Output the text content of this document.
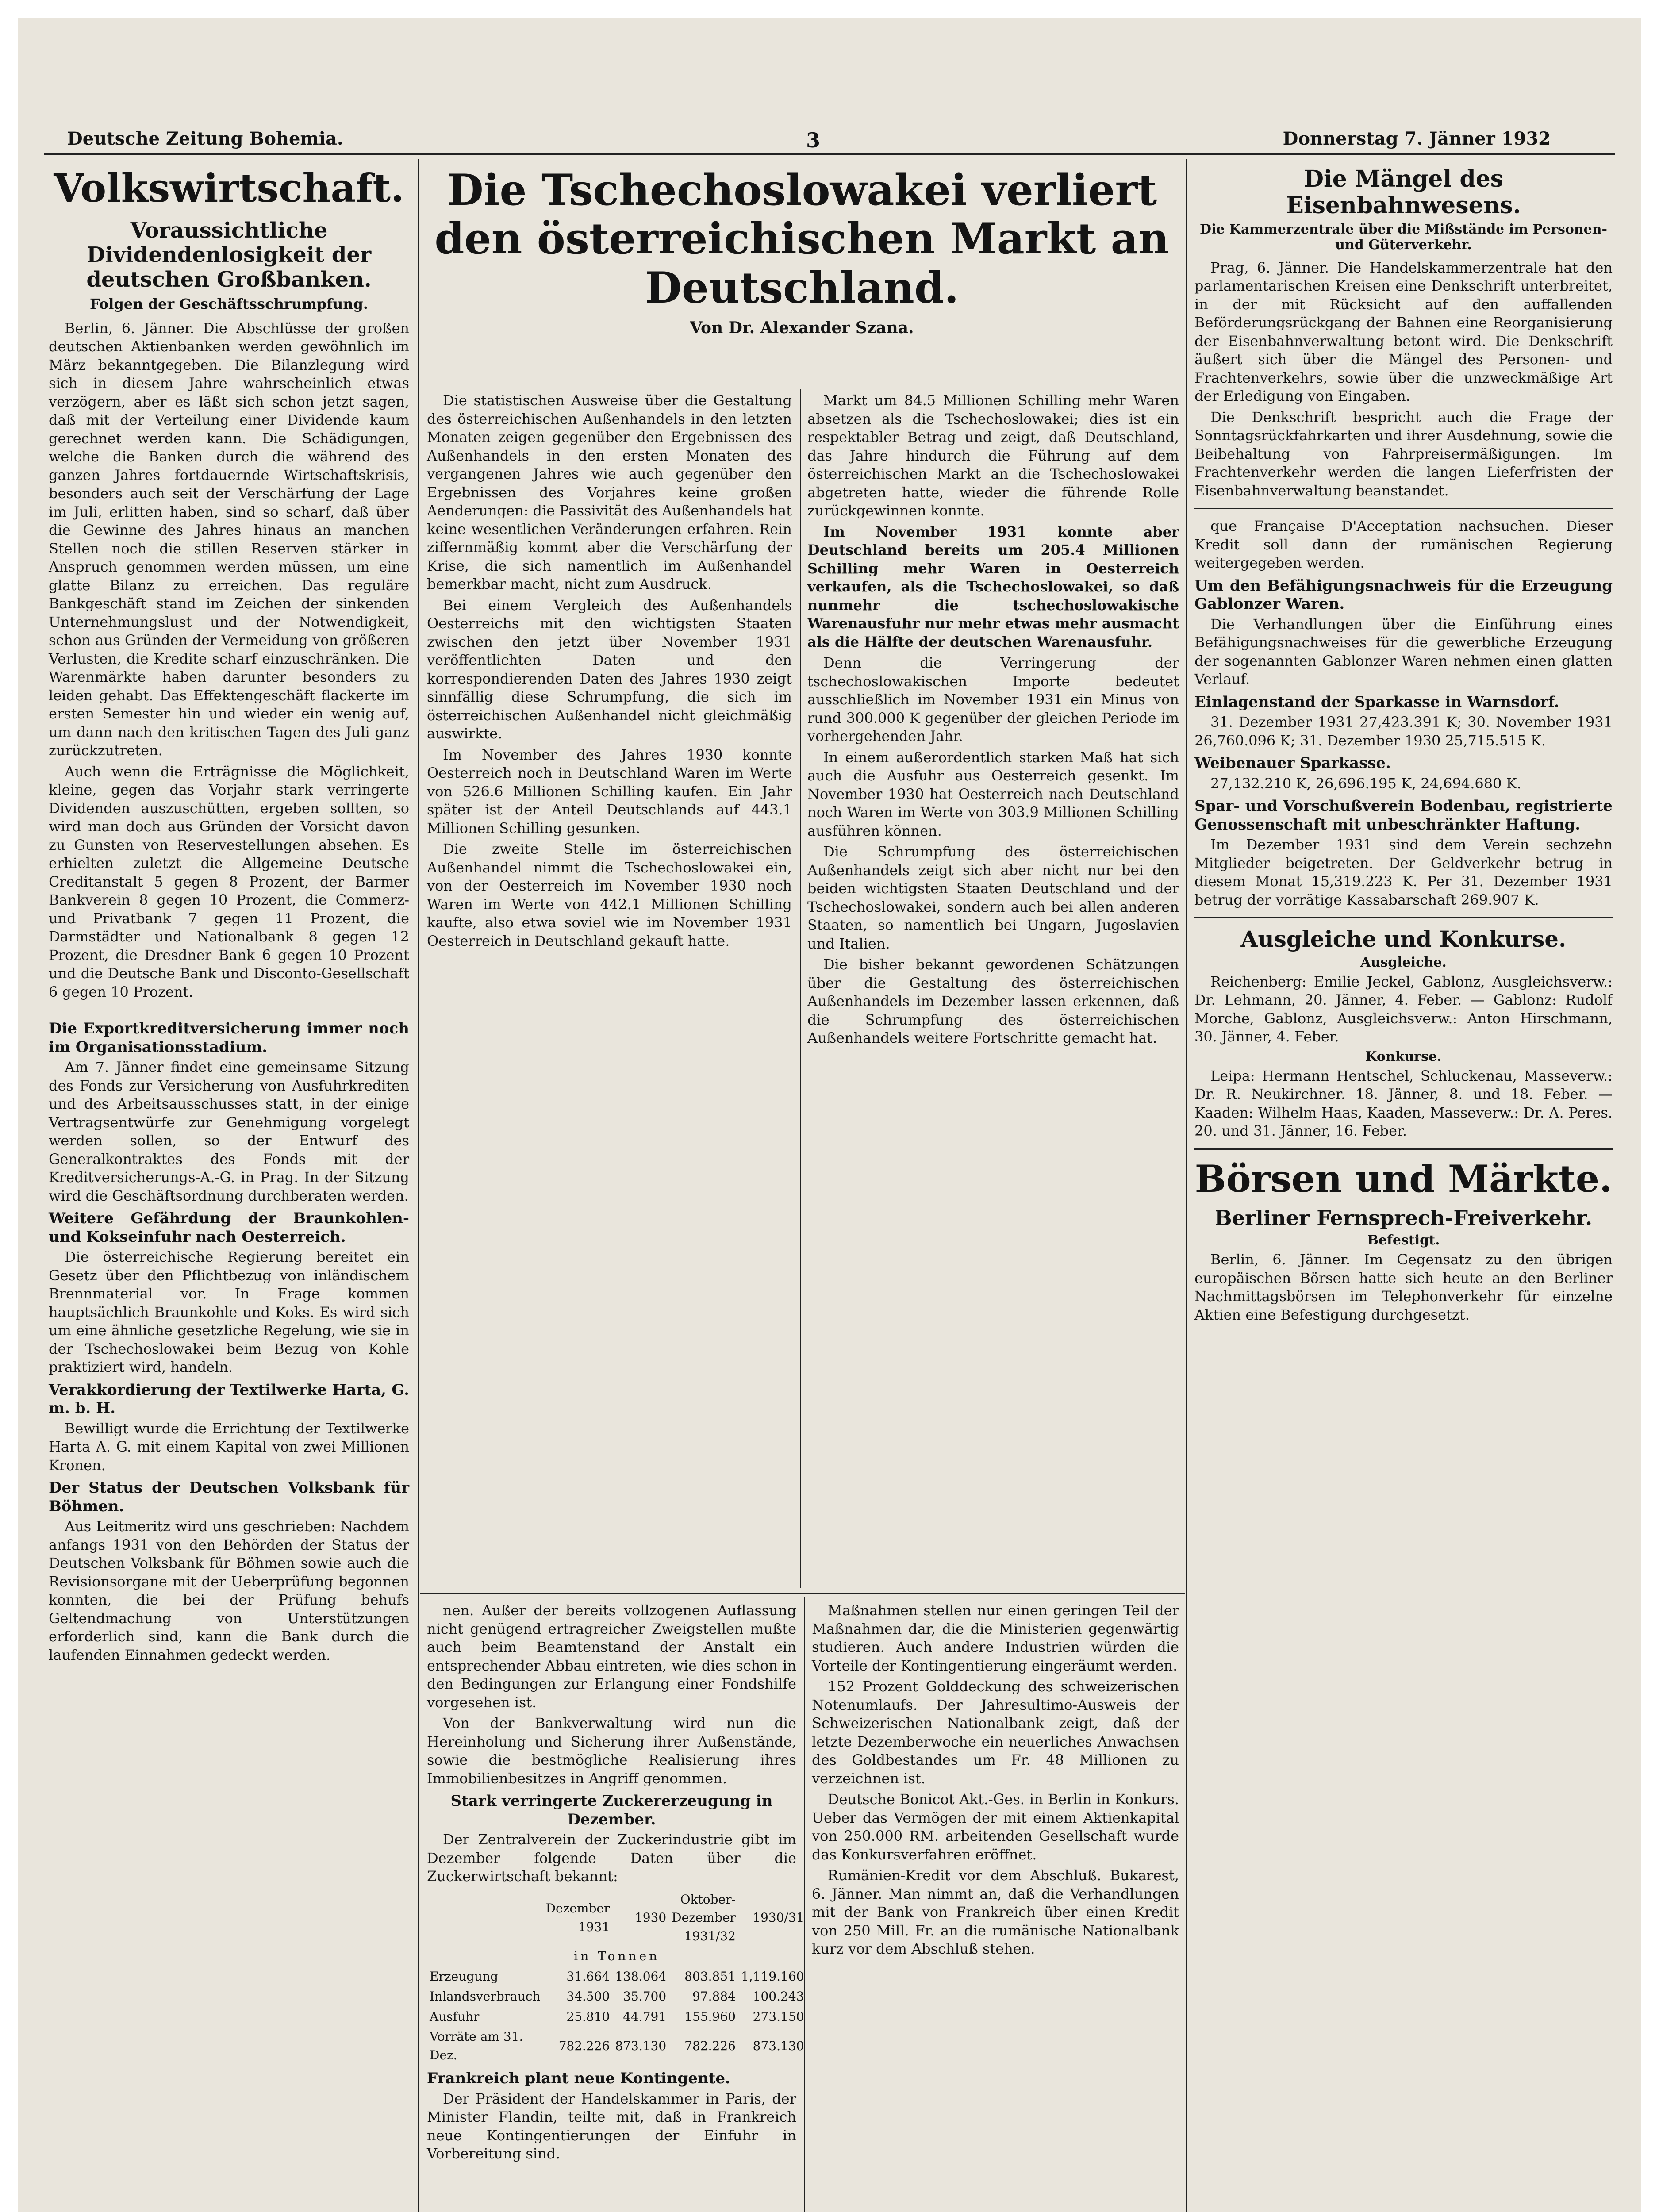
Deutsche Zeitung Bohemia.	3	Donnerstag 7. Jänner 1932
Volkswirtschaft.
Voraussichtliche Dividendenlosigkeit der deutschen Großbanken.
Folgen der Geschäftsschrumpfung.

Berlin, 6. Jänner. Die Abschlüsse der großen deutschen Aktienbanken werden gewöhnlich im März bekanntgegeben. Die Bilanzlegung wird sich in diesem Jahre wahrscheinlich etwas verzögern, aber es läßt sich schon jetzt sagen, daß mit der Verteilung einer Dividende kaum gerechnet werden kann. Die Schädigungen, welche die Banken durch die während des ganzen Jahres fortdauernde Wirtschaftskrisis, besonders auch seit der Verschärfung der Lage im Juli, erlitten haben, sind so scharf, daß über die Gewinne des Jahres hinaus an manchen Stellen noch die stillen Reserven stärker in Anspruch genommen werden müssen, um eine glatte Bilanz zu erreichen. Das reguläre Bankgeschäft stand im Zeichen der sinkenden Unternehmungslust und der Notwendigkeit, schon aus Gründen der Vermeidung von größeren Verlusten, die Kredite scharf einzuschränken. Die Warenmärkte haben darunter besonders zu leiden gehabt. Das Effektengeschäft flackerte im ersten Semester hin und wieder ein wenig auf, um dann nach den kritischen Tagen des Juli ganz zurückzutreten.

Auch wenn die Erträgnisse die Möglichkeit, kleine, gegen das Vorjahr stark verringerte Dividenden auszuschütten, ergeben sollten, so wird man doch aus Gründen der Vorsicht davon zu Gunsten von Reservestellungen absehen. Es erhielten zuletzt die Allgemeine Deutsche Creditanstalt 5 gegen 8 Prozent, der Barmer Bankverein 8 gegen 10 Prozent, die Commerz- und Privatbank 7 gegen 11 Prozent, die Darmstädter und Nationalbank 8 gegen 12 Prozent, die Dresdner Bank 6 gegen 10 Prozent und die Deutsche Bank und Disconto-Gesellschaft 6 gegen 10 Prozent.

Die Exportkreditversicherung immer noch im Organisationsstadium.

Am 7. Jänner findet eine gemeinsame Sitzung des Fonds zur Versicherung von Ausfuhrkrediten und des Arbeitsausschusses statt, in der einige Vertragsentwürfe zur Genehmigung vorgelegt werden sollen, so der Entwurf des Generalkontraktes des Fonds mit der Kreditversicherungs-A.-G. in Prag. In der Sitzung wird die Geschäftsordnung durchberaten werden.

Weitere Gefährdung der Braunkohlen- und Kokseinfuhr nach Oesterreich.

Die österreichische Regierung bereitet ein Gesetz über den Pflichtbezug von inländischem Brennmaterial vor. In Frage kommen hauptsächlich Braunkohle und Koks. Es wird sich um eine ähnliche gesetzliche Regelung, wie sie in der Tschechoslowakei beim Bezug von Kohle praktiziert wird, handeln.

Verakkordierung der Textilwerke Harta, G. m. b. H.

Bewilligt wurde die Errichtung der Textilwerke Harta A. G. mit einem Kapital von zwei Millionen Kronen.

Der Status der Deutschen Volksbank für Böhmen.

Aus Leitmeritz wird uns geschrieben: Nachdem anfangs 1931 von den Behörden der Status der Deutschen Volksbank für Böhmen sowie auch die Revisionsorgane mit der Ueberprüfung begonnen konnten, die bei der Prüfung behufs Geltendmachung von Unterstützungen erforderlich sind, kann die Bank durch die laufenden Einnahmen gedeckt werden.

Die Tschechoslowakei verliert den österreichischen Markt an Deutschland.
Von Dr. Alexander Szana.

Die statistischen Ausweise über die Gestaltung des österreichischen Außenhandels in den letzten Monaten zeigen gegenüber den Ergebnissen des Außenhandels in den ersten Monaten des vergangenen Jahres wie auch gegenüber den Ergebnissen des Vorjahres keine großen Aenderungen: die Passivität des Außenhandels hat keine wesentlichen Veränderungen erfahren. Rein ziffernmäßig kommt aber die Verschärfung der Krise, die sich namentlich im Außenhandel bemerkbar macht, nicht zum Ausdruck.

Bei einem Vergleich des Außenhandels Oesterreichs mit den wichtigsten Staaten zwischen den jetzt über November 1931 veröffentlichten Daten und den korrespondierenden Daten des Jahres 1930 zeigt sinnfällig diese Schrumpfung, die sich im österreichischen Außenhandel nicht gleichmäßig auswirkte.

Im November des Jahres 1930 konnte Oesterreich noch in Deutschland Waren im Werte von 526.6 Millionen Schilling kaufen. Ein Jahr später ist der Anteil Deutschlands auf 443.1 Millionen Schilling gesunken.

Die zweite Stelle im österreichischen Außenhandel nimmt die Tschechoslowakei ein, von der Oesterreich im November 1930 noch Waren im Werte von 442.1 Millionen Schilling kaufte, also etwa soviel wie im November 1931 Oesterreich in Deutschland gekauft hatte.

Markt um 84.5 Millionen Schilling mehr Waren absetzen als die Tschechoslowakei; dies ist ein respektabler Betrag und zeigt, daß Deutschland, das Jahre hindurch die Führung auf dem österreichischen Markt an die Tschechoslowakei abgetreten hatte, wieder die führende Rolle zurückgewinnen konnte.

Im November 1931 konnte aber Deutschland bereits um 205.4 Millionen Schilling mehr Waren in Oesterreich verkaufen, als die Tschechoslowakei, so daß nunmehr die tschechoslowakische Warenausfuhr nur mehr etwas mehr ausmacht als die Hälfte der deutschen Warenausfuhr.

Denn die Verringerung der tschechoslowakischen Importe bedeutet ausschließlich im November 1931 ein Minus von rund 300.000 K gegenüber der gleichen Periode im vorhergehenden Jahr.

In einem außerordentlich starken Maß hat sich auch die Ausfuhr aus Oesterreich gesenkt. Im November 1930 hat Oesterreich nach Deutschland noch Waren im Werte von 303.9 Millionen Schilling ausführen können.

Die Schrumpfung des österreichischen Außenhandels zeigt sich aber nicht nur bei den beiden wichtigsten Staaten Deutschland und der Tschechoslowakei, sondern auch bei allen anderen Staaten, so namentlich bei Ungarn, Jugoslavien und Italien.

Die bisher bekannt gewordenen Schätzungen über die Gestaltung des österreichischen Außenhandels im Dezember lassen erkennen, daß die Schrumpfung des österreichischen Außenhandels weitere Fortschritte gemacht hat.

nen. Außer der bereits vollzogenen Auflassung nicht genügend ertragreicher Zweigstellen mußte auch beim Beamtenstand der Anstalt ein entsprechender Abbau eintreten, wie dies schon in den Bedingungen zur Erlangung einer Fondshilfe vorgesehen ist.

Von der Bankverwaltung wird nun die Hereinholung und Sicherung ihrer Außenstände, sowie die bestmögliche Realisierung ihres Immobilienbesitzes in Angriff genommen.

Stark verringerte Zuckererzeugung in Dezember.

Der Zentralverein der Zuckerindustrie gibt im Dezember folgende Daten über die Zuckerwirtschaft bekannt:

	Dezember 1931	1930	Oktober-Dezember 1931/32	1930/31
in Tonnen				
Erzeugung	31.664	138.064	803.851	1,119.160
Inlandsverbrauch	34.500	35.700	97.884	100.243
Ausfuhr	25.810	44.791	155.960	273.150
Vorräte am 31. Dez.	782.226	873.130	782.226	873.130
Frankreich plant neue Kontingente.

Der Präsident der Handelskammer in Paris, der Minister Flandin, teilte mit, daß in Frankreich neue Kontingentierungen der Einfuhr in Vorbereitung sind.

Maßnahmen stellen nur einen geringen Teil der Maßnahmen dar, die die Ministerien gegenwärtig studieren. Auch andere Industrien würden die Vorteile der Kontingentierung eingeräumt werden.

152 Prozent Golddeckung des schweizerischen Notenumlaufs. Der Jahresultimo-Ausweis der Schweizerischen Nationalbank zeigt, daß der letzte Dezemberwoche ein neuerliches Anwachsen des Goldbestandes um Fr. 48 Millionen zu verzeichnen ist.

Deutsche Bonicot Akt.-Ges. in Berlin in Konkurs. Ueber das Vermögen der mit einem Aktienkapital von 250.000 RM. arbeitenden Gesellschaft wurde das Konkursverfahren eröffnet.

Rumänien-Kredit vor dem Abschluß. Bukarest, 6. Jänner. Man nimmt an, daß die Verhandlungen mit der Bank von Frankreich über einen Kredit von 250 Mill. Fr. an die rumänische Nationalbank kurz vor dem Abschluß stehen.

Die Mängel des Eisenbahnwesens.
Die Kammerzentrale über die Mißstände im Personen- und Güterverkehr.

Prag, 6. Jänner. Die Handelskammerzentrale hat den parlamentarischen Kreisen eine Denkschrift unterbreitet, in der mit Rücksicht auf den auffallenden Beförderungsrückgang der Bahnen eine Reorganisierung der Eisenbahnverwaltung betont wird. Die Denkschrift äußert sich über die Mängel des Personen- und Frachtenverkehrs, sowie über die unzweckmäßige Art der Erledigung von Eingaben.

Die Denkschrift bespricht auch die Frage der Sonntagsrückfahrkarten und ihrer Ausdehnung, sowie die Beibehaltung von Fahrpreisermäßigungen. Im Frachtenverkehr werden die langen Lieferfristen der Eisenbahnverwaltung beanstandet.

que Française D'Acceptation nachsuchen. Dieser Kredit soll dann der rumänischen Regierung weitergegeben werden.

Um den Befähigungsnachweis für die Erzeugung Gablonzer Waren.

Die Verhandlungen über die Einführung eines Befähigungsnachweises für die gewerbliche Erzeugung der sogenannten Gablonzer Waren nehmen einen glatten Verlauf.

Einlagenstand der Sparkasse in Warnsdorf.

31. Dezember 1931 27,423.391 K; 30. November 1931 26,760.096 K; 31. Dezember 1930 25,715.515 K.

Weibenauer Sparkasse.

27,132.210 K, 26,696.195 K, 24,694.680 K.

Spar- und Vorschußverein Bodenbau, registrierte Genossenschaft mit unbeschränkter Haftung.

Im Dezember 1931 sind dem Verein sechzehn Mitglieder beigetreten. Der Geldverkehr betrug in diesem Monat 15,319.223 K. Per 31. Dezember 1931 betrug der vorrätige Kassabarschaft 269.907 K.

Ausgleiche und Konkurse.
Ausgleiche.

Reichenberg: Emilie Jeckel, Gablonz, Ausgleichsverw.: Dr. Lehmann, 20. Jänner, 4. Feber. — Gablonz: Rudolf Morche, Gablonz, Ausgleichsverw.: Anton Hirschmann, 30. Jänner, 4. Feber.

Konkurse.

Leipa: Hermann Hentschel, Schluckenau, Masseverw.: Dr. R. Neukirchner. 18. Jänner, 8. und 18. Feber. — Kaaden: Wilhelm Haas, Kaaden, Masseverw.: Dr. A. Peres. 20. und 31. Jänner, 16. Feber.

Börsen und Märkte.
Berliner Fernsprech-Freiverkehr.
Befestigt.

Berlin, 6. Jänner. Im Gegensatz zu den übrigen europäischen Börsen hatte sich heute an den Berliner Nachmittagsbörsen im Telephonverkehr für einzelne Aktien eine Befestigung durchgesetzt.
